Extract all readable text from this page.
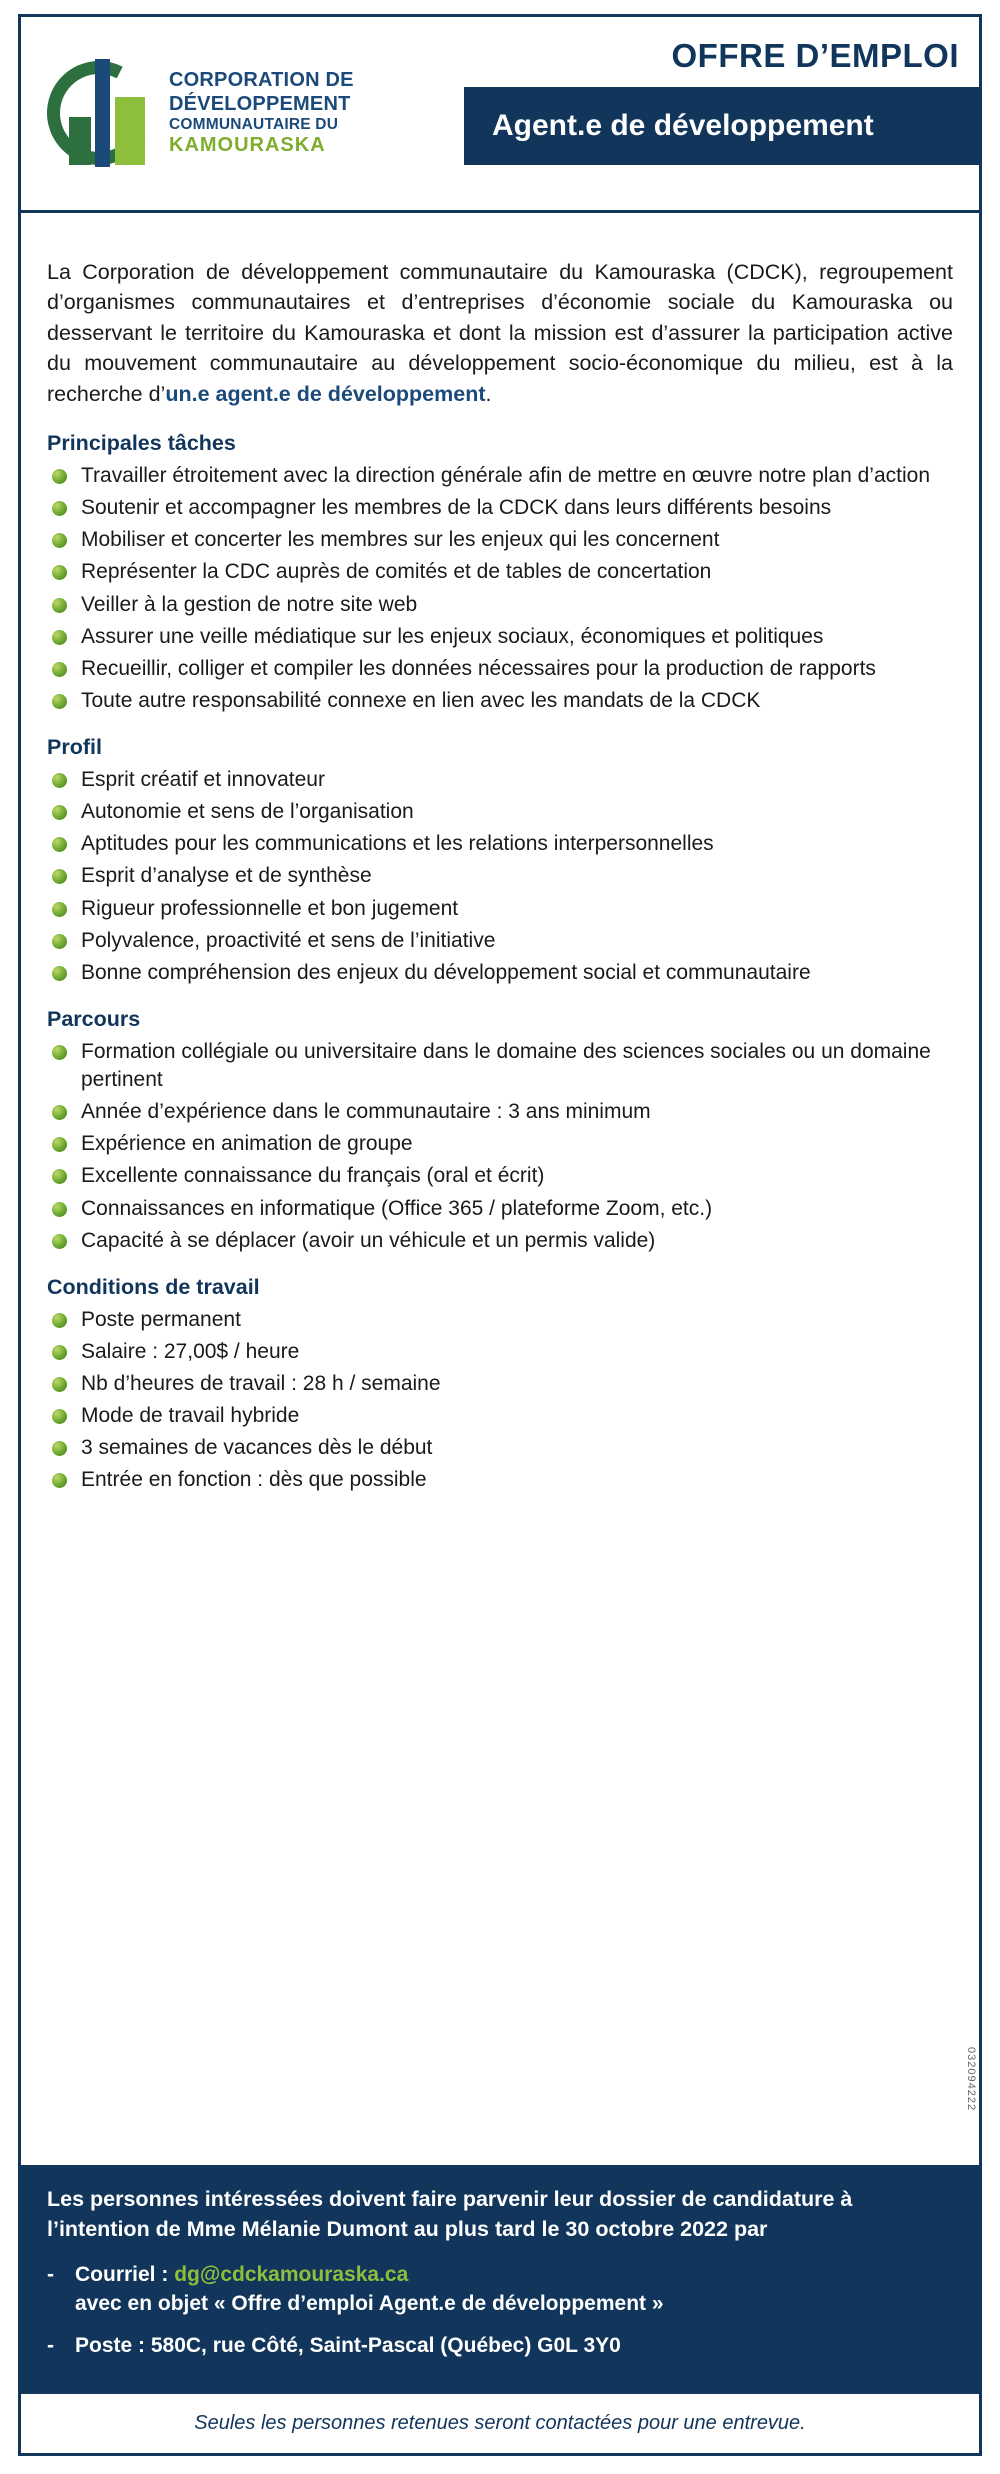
CORPORATION DE
DÉVELOPPEMENT
COMMUNAUTAIRE DU
KAMOURASKA
OFFRE D’EMPLOI
Agent.e de développement

La Corporation de développement communautaire du Kamouraska (CDCK), regroupement d’organismes communautaires et d’entreprises d’économie sociale du Kamouraska ou desservant le territoire du Kamouraska et dont la mission est d’assurer la participation active du mouvement communautaire au développement socio-économique du milieu, est à la recherche d’un.e agent.e de développement.

Principales tâches
Travailler étroitement avec la direction générale afin de mettre en œuvre notre plan d’action
Soutenir et accompagner les membres de la CDCK dans leurs différents besoins
Mobiliser et concerter les membres sur les enjeux qui les concernent
Représenter la CDC auprès de comités et de tables de concertation
Veiller à la gestion de notre site web
Assurer une veille médiatique sur les enjeux sociaux, économiques et politiques
Recueillir, colliger et compiler les données nécessaires pour la production de rapports
Toute autre responsabilité connexe en lien avec les mandats de la CDCK
Profil
Esprit créatif et innovateur
Autonomie et sens de l’organisation
Aptitudes pour les communications et les relations interpersonnelles
Esprit d’analyse et de synthèse
Rigueur professionnelle et bon jugement
Polyvalence, proactivité et sens de l’initiative
Bonne compréhension des enjeux du développement social et communautaire
Parcours
Formation collégiale ou universitaire dans le domaine des sciences sociales ou un domaine pertinent
Année d’expérience dans le communautaire : 3 ans minimum
Expérience en animation de groupe
Excellente connaissance du français (oral et écrit)
Connaissances en informatique (Office 365 / plateforme Zoom, etc.)
Capacité à se déplacer (avoir un véhicule et un permis valide)
Conditions de travail
Poste permanent
Salaire : 27,00$ / heure
Nb d’heures de travail : 28 h / semaine
Mode de travail hybride
3 semaines de vacances dès le début
Entrée en fonction : dès que possible
032094222
Les personnes intéressées doivent faire parvenir leur dossier de candidature à l’intention de Mme Mélanie Dumont au plus tard le 30 octobre 2022 par
-	Courriel : dg@cdckamouraska.ca
avec en objet « Offre d’emploi Agent.e de développement »
-	Poste : 580C, rue Côté, Saint-Pascal (Québec) G0L 3Y0
Seules les personnes retenues seront contactées pour une entrevue.
